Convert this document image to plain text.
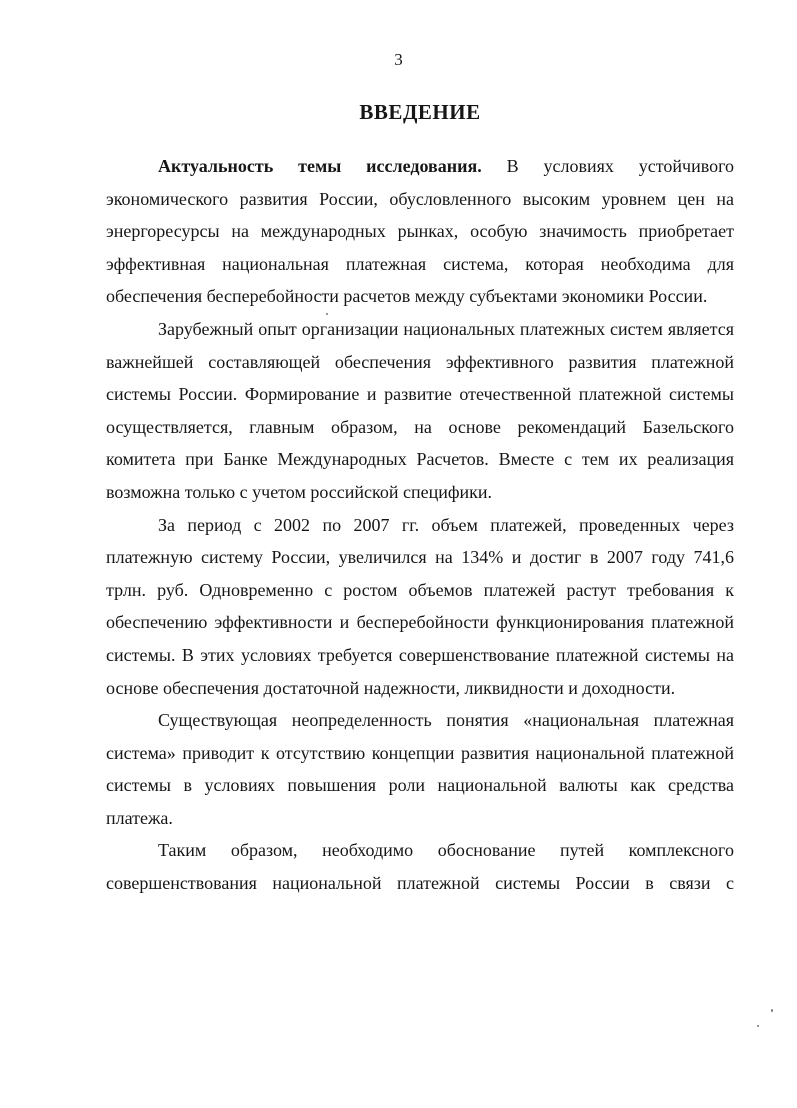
3
ВВЕДЕНИЕ

Актуальность темы исследования. В условиях устойчивого экономического развития России, обусловленного высоким уровнем цен на энергоресурсы на международных рынках, особую значимость приобретает эффективная национальная платежная система, которая необходима для обеспечения бесперебойности расчетов между субъектами экономики России.

Зарубежный опыт организации национальных платежных систем является важнейшей составляющей обеспечения эффективного развития платежной системы России. Формирование и развитие отечественной платежной системы осуществляется, главным образом, на основе рекомендаций Базельского комитета при Банке Международных Расчетов. Вместе с тем их реализация возможна только с учетом российской специфики.

За период с 2002 по 2007 гг. объем платежей, проведенных через платежную систему России, увеличился на 134% и достиг в 2007 году 741,6 трлн. руб. Одновременно с ростом объемов платежей растут требования к обеспечению эффективности и бесперебойности функционирования платежной системы. В этих условиях требуется совершенствование платежной системы на основе обеспечения достаточной надежности, ликвидности и доходности.

Существующая неопределенность понятия «национальная платежная система» приводит к отсутствию концепции развития национальной платежной системы в условиях повышения роли национальной валюты как средства платежа.

Таким образом, необходимо обоснование путей комплексного совершенствования национальной платежной системы России в связи с
